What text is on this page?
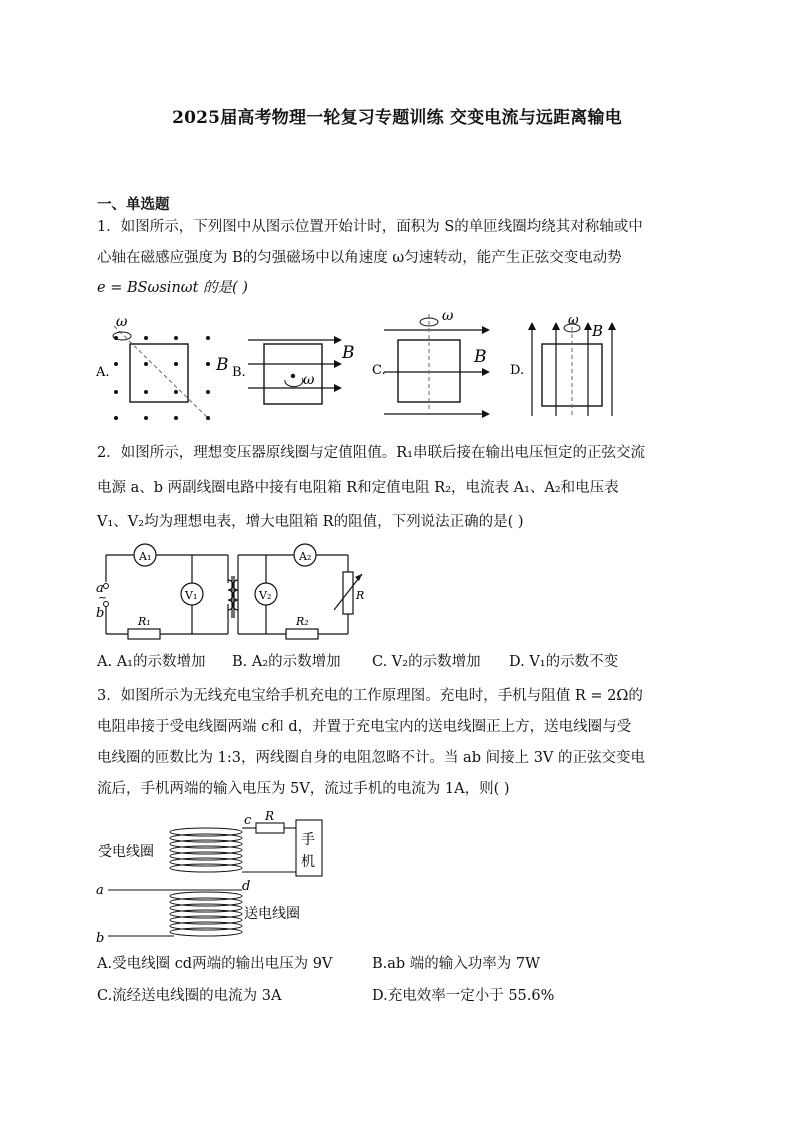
2025届高考物理一轮复习专题训练 交变电流与远距离输电
一、单选题
1．如图所示，下列图中从图示位置开始计时，面积为 S的单匝线圈均绕其对称轴或中
心轴在磁感应强度为 B的匀强磁场中以角速度 ω匀速转动，能产生正弦交变电动势
e = BSωsinωt 的是( )
A.
ω
B B.	ω
B
C.
ω
B
D.
ω
B
2．如图所示，理想变压器原线圈与定值阻值。R₁串联后接在输出电压恒定的正弦交流
电源 a、b 两副线圈电路中接有电阻箱 R和定值电阻 R₂，电流表 A₁、A₂和电压表
V₁、V₂均为理想电表，增大电阻箱 R的阻值，下列说法正确的是( )
A₁	A₂
V₁	V₂
R₁	R₂
R
a
~
b
A. A₁的示数增加 B. A₂的示数增加 C. V₂的示数增加 D. V₁的示数不变
3．如图所示为无线充电宝给手机充电的工作原理图。充电时，手机与阻值 R = 2Ω的
电阻串接于受电线圈两端 c和 d，并置于充电宝内的送电线圈正上方，送电线圈与受
电线圈的匝数比为 1:3，两线圈自身的电阻忽略不计。当 ab 间接上 3V 的正弦交变电
流后，手机两端的输入电压为 5V，流过手机的电流为 1A，则( )
受电线圈
c R
手
机
d
a
b
送电线圈
A.受电线圈 cd两端的输出电压为 9V	B.ab 端的输入功率为 7W
C.流经送电线圈的电流为 3A	D.充电效率一定小于 55.6%
